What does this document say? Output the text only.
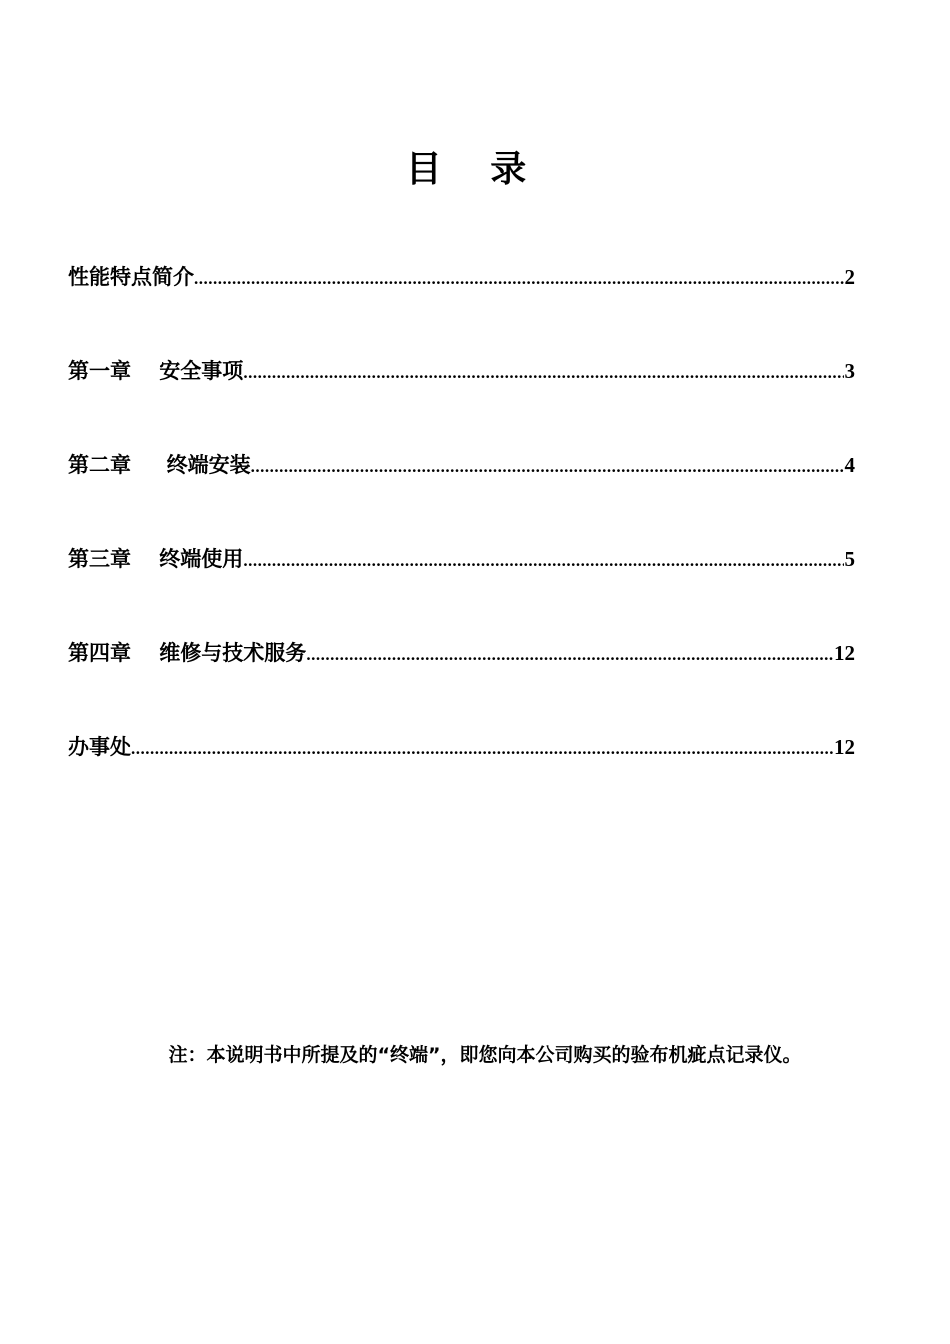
目 录
性能特点简介 .....	2
第一章　 安全事项 .....	3
第二章　  终端安装 .....	4
第三章　 终端使用 .....	5
第四章　 维修与技术服务 .....	12
办事处 .....	12
注：本说明书中所提及的“终端”，即您向本公司购买的验布机疵点记录仪。
